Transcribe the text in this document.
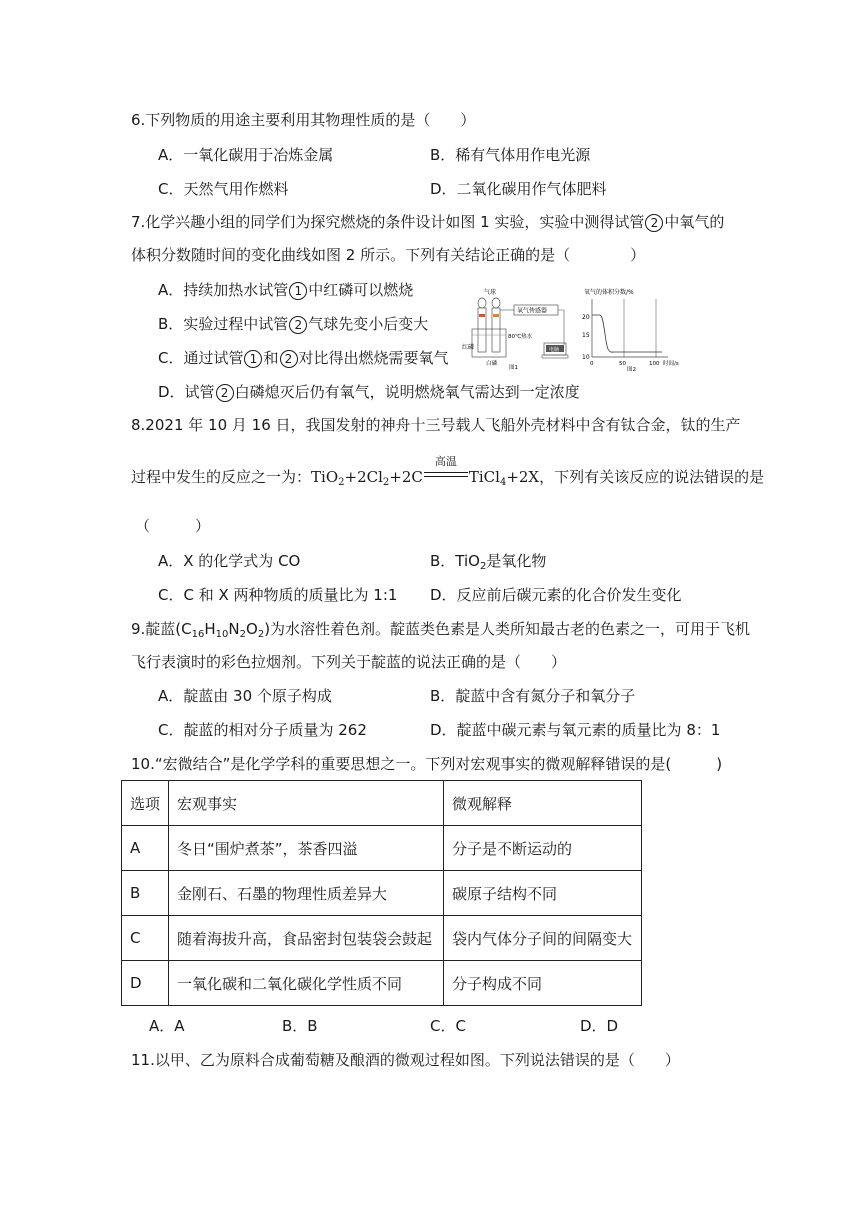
6.下列物质的用途主要利用其物理性质的是（　　）
A．一氧化碳用于冶炼金属	B．稀有气体用作电光源
C．天然气用作燃料	D．二氧化碳用作气体肥料
7.化学兴趣小组的同学们为探究燃烧的条件设计如图 1 实验，实验中测得试管 2 中氧气的
体积分数随时间的变化曲线如图 2 所示。下列有关结论正确的是（　　　　）
A．持续加热水试管 1 中红磷可以燃烧
B．实验过程中试管 2 气球先变小后变大
C．通过试管 1 和 2 对比得出燃烧需要氧气
D．试管 2 白磷熄灭后仍有氧气，说明燃烧氧气需达到一定浓度
气球
80℃热水
红磷
白磷
氧气传感器
电脑
图1
氧气的体积分数/%
20
15
10
0	50	100 时间/s
图2
8.2021 年 10 月 16 日，我国发射的神舟十三号载人飞船外壳材料中含有钛合金，钛的生产
过程中发生的反应之一为：$TiO_2+2Cl_2+2C$
高温
TiCl$_4$+2X，下列有关该反应的说法错误的是
（　　　）
A．X 的化学式为 CO	B．TiO$_2$是氧化物
C．C 和 X 两种物质的质量比为 1:1 D．反应前后碳元素的化合价发生变化
9.靛蓝$(C_{16}H_{10}N_2O_2)$为水溶性着色剂。靛蓝类色素是人类所知最古老的色素之一，可用于飞机
飞行表演时的彩色拉烟剂。下列关于靛蓝的说法正确的是（　　）
A．靛蓝由 30 个原子构成	B．靛蓝中含有氮分子和氧分子
C．靛蓝的相对分子质量为 262	D．靛蓝中碳元素与氧元素的质量比为 8：1
10.“宏微结合”是化学学科的重要思想之一。下列对宏观事实的微观解释错误的是(　　　)
选项	宏观事实	微观解释
A	冬日“围炉煮茶”，茶香四溢	分子是不断运动的
B	金刚石、石墨的物理性质差异大	碳原子结构不同
C	随着海拔升高，食品密封包装袋会鼓起	袋内气体分子间的间隔变大
D	一氧化碳和二氧化碳化学性质不同	分子构成不同
A．A	B．B	C．C	D．D
11.以甲、乙为原料合成葡萄糖及酿酒的微观过程如图。下列说法错误的是（　　）
